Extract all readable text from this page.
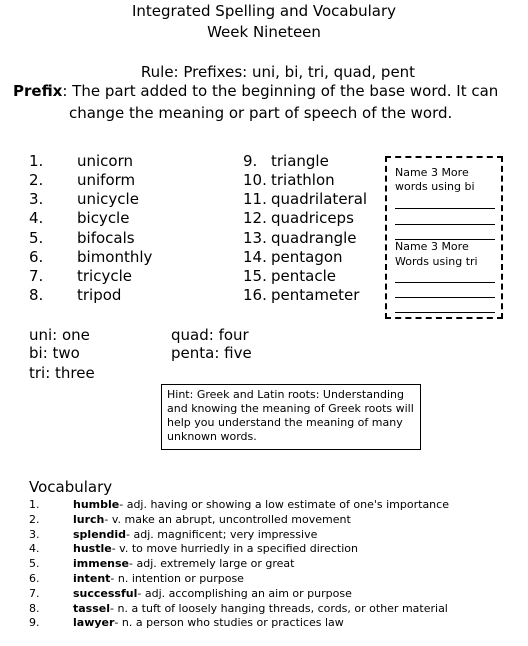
Integrated Spelling and Vocabulary
Week Nineteen
Rule: Prefixes: uni, bi, tri, quad, pent
Prefix: The part added to the beginning of the base word. It can
change the meaning or part of speech of the word.
1. unicorn
2. uniform
3. unicycle
4. bicycle
5. bifocals
6. bimonthly
7. tricycle
8. tripod
9. triangle
10. triathlon
11. quadrilateral
12. quadriceps
13. quadrangle
14. pentagon
15. pentacle
16. pentameter
Name 3 More
words using bi
Name 3 More
Words using tri
uni: one
bi: two
tri: three
quad: four
penta: five
Hint: Greek and Latin roots: Understanding and knowing the meaning of Greek roots will help you understand the meaning of many unknown words.
Vocabulary
1.	humble- adj. having or showing a low estimate of one's importance
2.	lurch- v. make an abrupt, uncontrolled movement
3.	splendid- adj. magnificent; very impressive
4.	hustle- v. to move hurriedly in a specified direction
5.	immense- adj. extremely large or great
6.	intent- n. intention or purpose
7.	successful- adj. accomplishing an aim or purpose
8.	tassel- n. a tuft of loosely hanging threads, cords, or other material
9.	lawyer- n. a person who studies or practices law
